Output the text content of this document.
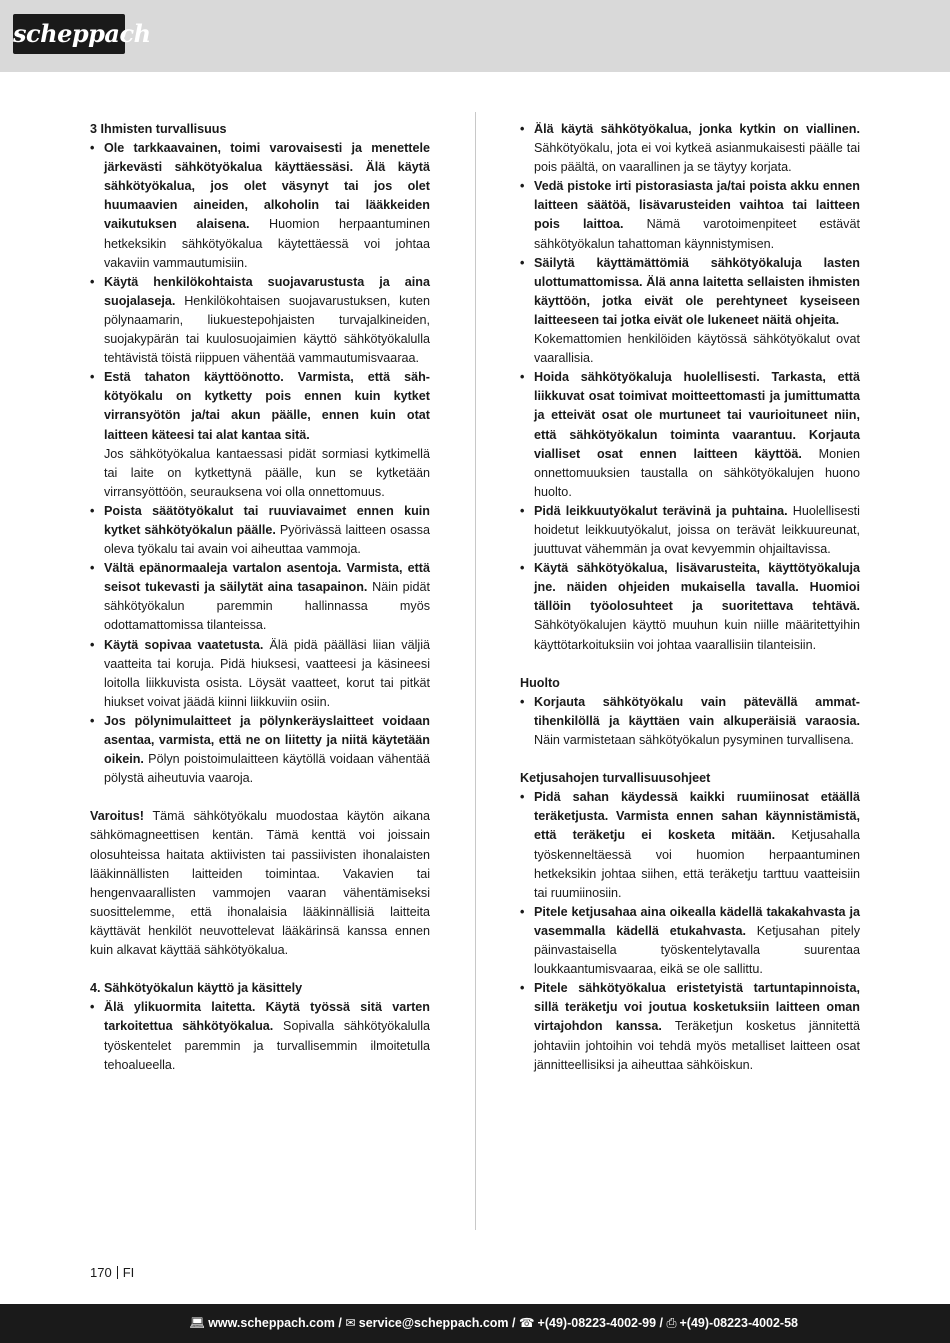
scheppach

3 Ihmisten turvallisuus

• Ole tarkkaavainen, toimi varovaisesti ja menettele järkevästi sähkötyökalua käyttäessäsi. Älä käytä sähkötyökalua, jos olet väsynyt tai jos olet huumaavien aineiden, alkoholin tai lääkkeiden vaikutuksen alaisena. Huomion herpaantuminen hetkeksikin sähkötyökalua käytettäessä voi johtaa vakaviin vammautumisiin.
• Käytä henkilökohtaista suojavarustusta ja aina suojalaseja. Henkilökohtaisen suojavarustuksen, kuten pölynaamarin, liukuestepohjaisten turvajalkineiden, suojakypärän tai kuulosuojaimien käyttö sähkötyökalulla tehtävistä töistä riippuen vähentää vammautumisvaaraa.
• Estä tahaton käyttöönotto. Varmista, että sähkötyökalu on kytketty pois ennen kuin kytket virransyötön ja/tai akun päälle, ennen kuin otat laitteen käteesi tai alat kantaa sitä.
Jos sähkötyökalua kantaessasi pidät sormiasi kytkimellä tai laite on kytkettynä päälle, kun se kytketään virransyöttöön, seurauksena voi olla onnettomuus.
• Poista säätötyökalut tai ruuviavaimet ennen kuin kytket sähkötyökalun päälle. Pyörivässä laitteen osassa oleva työkalu tai avain voi aiheuttaa vammoja.
• Vältä epänormaaleja vartalon asentoja. Varmista, että seisot tukevasti ja säilytät aina tasapainon. Näin pidät sähkötyökalun paremmin hallinnassa myös odottamattomissa tilanteissa.
• Käytä sopivaa vaatetusta. Älä pidä päälläsi liian väljiä vaatteita tai koruja. Pidä hiuksesi, vaatteesi ja käsineesi loitolla liikkuvista osista. Löysät vaatteet, korut tai pitkät hiukset voivat jäädä kiinni liikkuviin osiin.
• Jos pölynimulaitteet ja pölynkeräyslaitteet voidaan asentaa, varmista, että ne on liitetty ja niitä käytetään oikein. Pölyn poistoimulaitteen käytöllä voidaan vähentää pölystä aiheutuvia vaaroja.

Varoitus! Tämä sähkötyökalu muodostaa käytön aikana sähkömagneettisen kentän. Tämä kenttä voi joissain olosuhteissa haitata aktiivisten tai passiivisten ihonalaisten lääkinnällisten laitteiden toimintaa. Vakavien tai hengenvaarallisten vammojen vaaran vähentämiseksi suosittelemme, että ihonalaisia lääkinnällisiä laitteita käyttävät henkilöt neuvottelevat lääkärinsä kanssa ennen kuin alkavat käyttää sähkötyökalua.

4. Sähkötyökalun käyttö ja käsittely

• Älä ylikuormita laitetta. Käytä työssä sitä varten tarkoitettua sähkötyökalua. Sopivalla sähkötyökalulla työskentelet paremmin ja turvallisemmin ilmoitetulla tehoalueella.
• Älä käytä sähkötyökalua, jonka kytkin on viallinen. Sähkötyökalu, jota ei voi kytkeä asianmukaisesti päälle tai pois päältä, on vaarallinen ja se täytyy korjata.
• Vedä pistoke irti pistorasiasta ja/tai poista akku ennen laitteen säätöä, lisävarusteiden vaihtoa tai laitteen pois laittoa. Nämä varotoimenpiteet estävät sähkötyökalun tahattoman käynnistymisen.
• Säilytä käyttämättömiä sähkötyökaluja lasten ulottumattomissa. Älä anna laitetta sellaisten ihmisten käyttöön, jotka eivät ole perehtyneet kyseiseen laitteeseen tai jotka eivät ole lukeneet näitä ohjeita.
Kokemattomien henkilöiden käytössä sähkötyökalut ovat vaarallisia.
• Hoida sähkötyökaluja huolellisesti. Tarkasta, että liikkuvat osat toimivat moitteettomasti ja jumittumatta ja etteivät osat ole murtuneet tai vaurioituneet niin, että sähkötyökalun toiminta vaarantuu. Korjauta vialliset osat ennen laitteen käyttöä. Monien onnettomuuksien taustalla on sähkötyökalujen huono huolto.
• Pidä leikkuutyökalut terävinä ja puhtaina. Huolellisesti hoidetut leikkuutyökalut, joissa on terävät leikkuureunat, juuttuvat vähemmän ja ovat kevyemmin ohjailtavissa.
• Käytä sähkötyökalua, lisävarusteita, käyttötyökaluja jne. näiden ohjeiden mukaisella tavalla. Huomioi tällöin työolosuhteet ja suoritettava tehtävä. Sähkötyökalujen käyttö muuhun kuin niille määritettyihin käyttötarkoituksiin voi johtaa vaarallisiin tilanteisiin.

Huolto

• Korjauta sähkötyökalu vain pätevällä ammattihenkilöllä ja käyttäen vain alkuperäisiä varaosia. Näin varmistetaan sähkötyökalun pysyminen turvallisena.

Ketjusahojen turvallisuusohjeet

• Pidä sahan käydessä kaikki ruumiinosat etäällä teräketjusta. Varmista ennen sahan käynnistämistä, että teräketju ei kosketa mitään. Ketjusahalla työskenneltäessä voi huomion herpaantuminen hetkeksikin johtaa siihen, että teräketju tarttuu vaatteisiin tai ruumiinosiin.
• Pitele ketjusahaa aina oikealla kädellä takakahvasta ja vasemmalla kädellä etukahvasta. Ketjusahan pitely päinvastaisella työskentelytavalla suurentaa loukkaantumisvaaraa, eikä se ole sallittu.
• Pitele sähkötyökalua eristetyistä tartuntapinnoista, sillä teräketju voi joutua kosketuksiin laitteen oman virtajohdon kanssa. Teräketjun kosketus jännitettä johtaviin johtoihin voi tehdä myös metalliset laitteen osat jännitteellisiksi ja aiheuttaa sähköiskun.
170 FI
💻︎ www.scheppach.com / ✉ service@scheppach.com / ☎ +(49)-08223-4002-99 / ⎙ +(49)-08223-4002-58
